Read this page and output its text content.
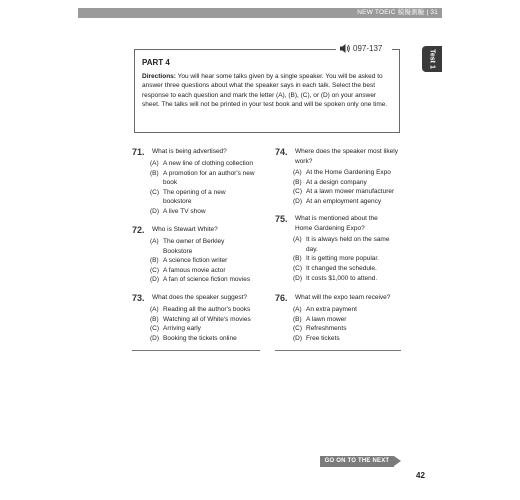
NEW TOEIC 模擬測驗 | 31
Test 1
097-137
PART 4
Directions: You will hear some talks given by a single speaker. You will be asked to answer three questions about what the speaker says in each talk. Select the best response to each question and mark the letter (A), (B), (C), or (D) on your answer sheet. The talks will not be printed in your test book and will be spoken only one time.
71.	What is being advertised?
(A) A new line of clothing collection
(B) A promotion for an author's new book
(C) The opening of a new bookstore
(D) A live TV show
72.	Who is Stewart White?
(A) The owner of Berkley Bookstore
(B) A science fiction writer
(C) A famous movie actor
(D) A fan of science fiction movies
73.	What does the speaker suggest?
(A) Reading all the author's books
(B) Watching all of White's movies
(C) Arriving early
(D) Booking the tickets online
74.	Where does the speaker most likely work?
(A) At the Home Gardening Expo
(B) At a design company
(C) At a lawn mower manufacturer
(D) At an employment agency
75.	What is mentioned about the Home Gardening Expo?
(A) It is always held on the same day.
(B) It is getting more popular.
(C) It changed the schedule.
(D) It costs $1,000 to attend.
76.	What will the expo team receive?
(A) An extra payment
(B) A lawn mower
(C) Refreshments
(D) Free tickets
GO ON TO THE NEXT PAGE	42
